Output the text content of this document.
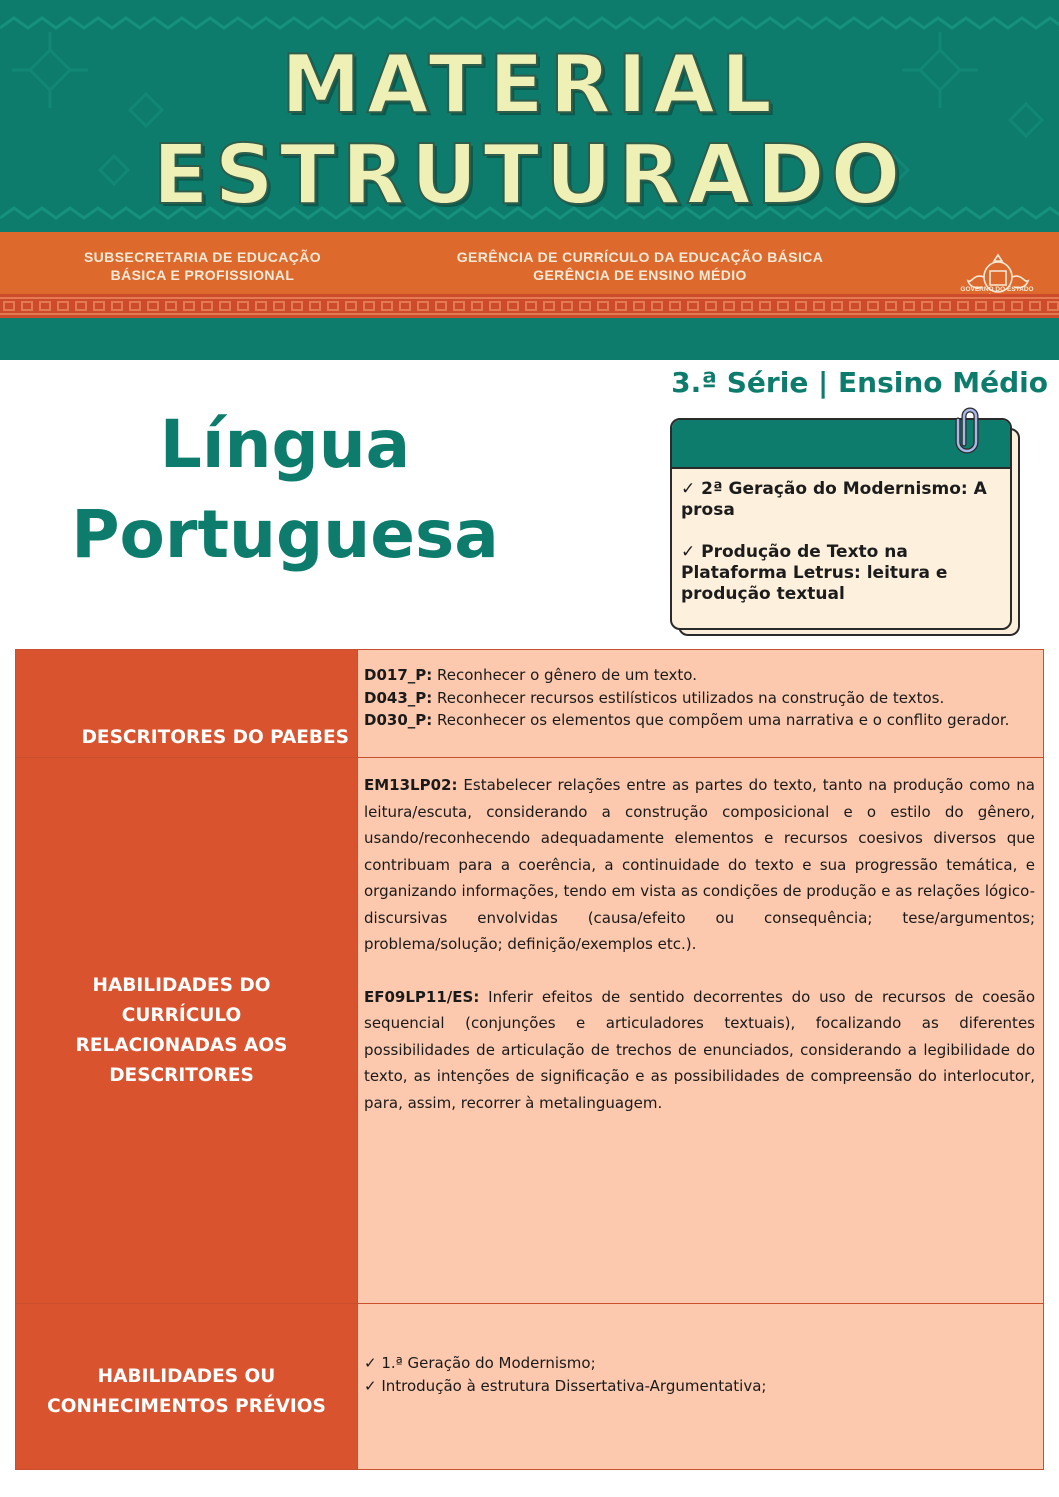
MATERIAL
ESTRUTURADO
SUBSECRETARIA DE EDUCAÇÃO BÁSICA E PROFISSIONAL
GERÊNCIA DE CURRÍCULO DA EDUCAÇÃO BÁSICA
GERÊNCIA DE ENSINO MÉDIO
GOVERNO DO ESTADO
3.ª Série | Ensino Médio
Língua
Portuguesa
✓ 2ª Geração do Modernismo: A prosa
✓ Produção de Texto na Plataforma Letrus: leitura e produção textual
DESCRITORES DO PAEBES	D017_P: Reconhecer o gênero de um texto.
D043_P: Reconhecer recursos estilísticos utilizados na construção de textos.
D030_P: Reconhecer os elementos que compõem uma narrativa e o conflito gerador.

HABILIDADES DO CURRÍCULO RELACIONADAS AOS DESCRITORES	EM13LP02: Estabelecer relações entre as partes do texto, tanto na produção como na leitura/escuta, considerando a construção composicional e o estilo do gênero, usando/reconhecendo adequadamente elementos e recursos coesivos diversos que contribuam para a coerência, a continuidade do texto e sua progressão temática, e organizando informações, tendo em vista as condições de produção e as relações lógico-discursivas envolvidas (causa/efeito ou consequência; tese/argumentos; problema/solução; definição/exemplos etc.).

EF09LP11/ES: Inferir efeitos de sentido decorrentes do uso de recursos de coesão sequencial (conjunções e articuladores textuais), focalizando as diferentes possibilidades de articulação de trechos de enunciados, considerando a legibilidade do texto, as intenções de significação e as possibilidades de compreensão do interlocutor, para, assim, recorrer à metalinguagem.

HABILIDADES OU CONHECIMENTOS PRÉVIOS	✓ 1.ª Geração do Modernismo;
✓ Introdução à estrutura Dissertativa-Argumentativa;
